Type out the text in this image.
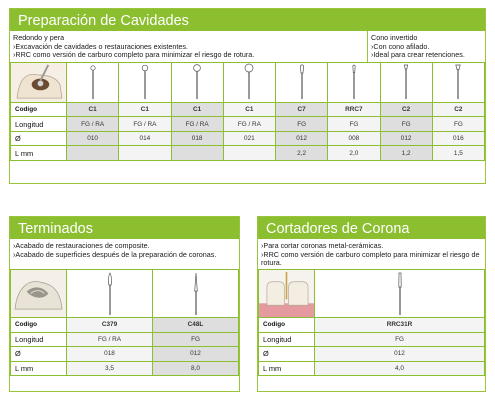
Preparación de Cavidades
Redondo y pera
›Excavación de cavidades o restauraciones existentes.
›RRC como versión de carburo completo para minimizar el riesgo de rotura.
Cono invertido
›Con cono afilado.
›Ideal para crear retenciones.

Codigo	C1	C1	C1	C1	C7	RRC7	C2	C2
Longitud	FG / RA	FG / RA	FG / RA	FG / RA	FG	FG	FG	FG
Ø	010	014	018	021	012	008	012	016
L mm					2,2	2,0	1,2	1,5
Terminados
›Acabado de restauraciones de composite.
›Acabado de superficies después de la preparación de coronas.

Codigo	C379	C48L
Longitud	FG / RA	FG
Ø	018	012
L mm	3,5	8,0
Cortadores de Corona
›Para cortar coronas metal-cerámicas.
›RRC como versión de carburo completo para minimizar el riesgo de rotura.

Codigo	RRC31R
Longitud	FG
Ø	012
L mm	4,0
